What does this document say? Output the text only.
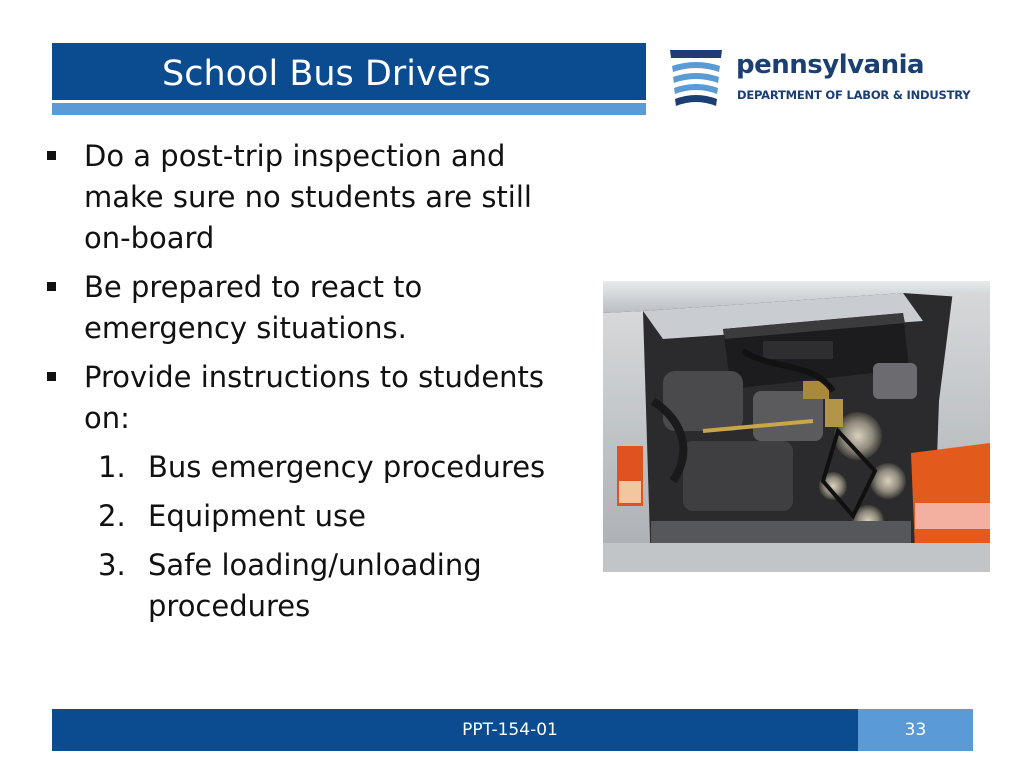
School Bus Drivers	pennsylvania
DEPARTMENT OF LABOR & INDUSTRY
Do a post-trip inspection and make sure no students are still on-board
Be prepared to react to emergency situations.
Provide instructions to students on:
1. Bus emergency procedures
2. Equipment use
3. Safe loading/unloading procedures
PPT-154-01	33
